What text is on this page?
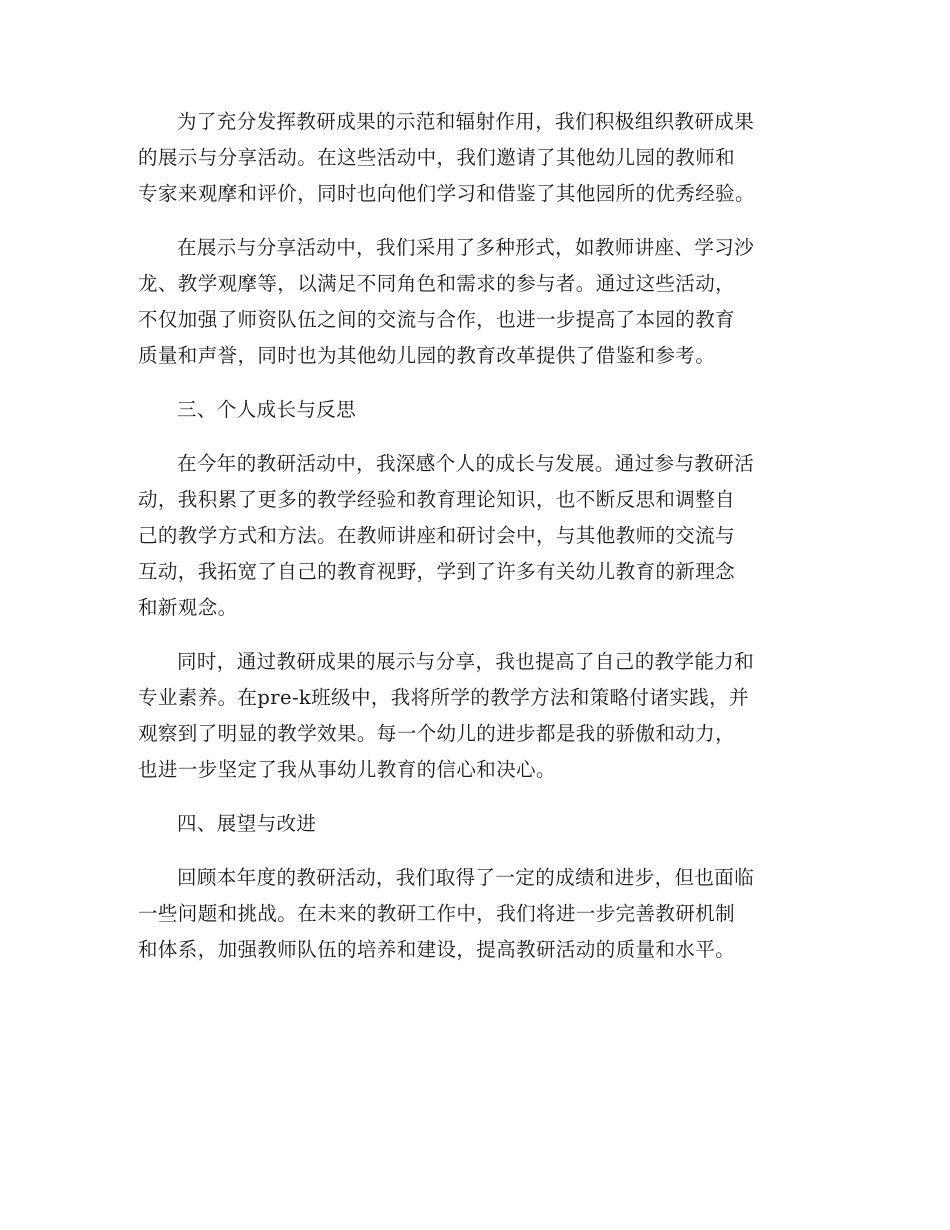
为了充分发挥教研成果的示范和辐射作用，我们积极组织教研成果
的展示与分享活动。在这些活动中，我们邀请了其他幼儿园的教师和
专家来观摩和评价，同时也向他们学习和借鉴了其他园所的优秀经验。
在展示与分享活动中，我们采用了多种形式，如教师讲座、学习沙
龙、教学观摩等，以满足不同角色和需求的参与者。通过这些活动，
不仅加强了师资队伍之间的交流与合作，也进一步提高了本园的教育
质量和声誉，同时也为其他幼儿园的教育改革提供了借鉴和参考。
三、个人成长与反思
在今年的教研活动中，我深感个人的成长与发展。通过参与教研活
动，我积累了更多的教学经验和教育理论知识，也不断反思和调整自
己的教学方式和方法。在教师讲座和研讨会中，与其他教师的交流与
互动，我拓宽了自己的教育视野，学到了许多有关幼儿教育的新理念
和新观念。
同时，通过教研成果的展示与分享，我也提高了自己的教学能力和
专业素养。在pre-k班级中，我将所学的教学方法和策略付诸实践，并
观察到了明显的教学效果。每一个幼儿的进步都是我的骄傲和动力，
也进一步坚定了我从事幼儿教育的信心和决心。
四、展望与改进
回顾本年度的教研活动，我们取得了一定的成绩和进步，但也面临
一些问题和挑战。在未来的教研工作中，我们将进一步完善教研机制
和体系，加强教师队伍的培养和建设，提高教研活动的质量和水平。
